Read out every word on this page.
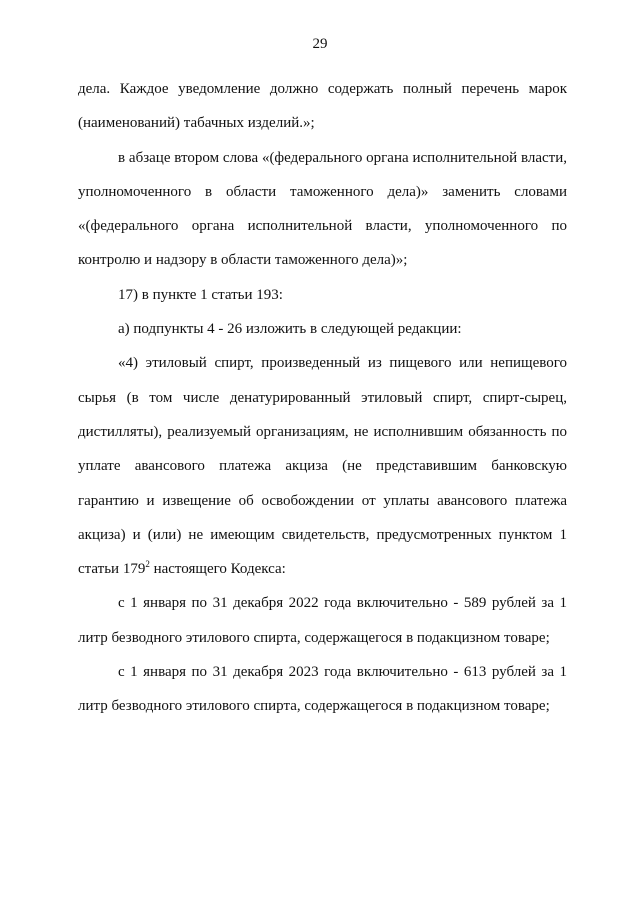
29

дела. Каждое уведомление должно содержать полный перечень марок (наименований) табачных изделий.»;

в абзаце втором слова «(федерального органа исполнительной власти, уполномоченного в области таможенного дела)» заменить словами «(федерального органа исполнительной власти, уполномоченного по контролю и надзору в области таможенного дела)»;

17) в пункте 1 статьи 193:

а) подпункты 4 - 26 изложить в следующей редакции:

«4) этиловый спирт, произведенный из пищевого или непищевого сырья (в том числе денатурированный этиловый спирт, спирт-сырец, дистилляты), реализуемый организациям, не исполнившим обязанность по уплате авансового платежа акциза (не представившим банковскую гарантию и извещение об освобождении от уплаты авансового платежа акциза) и (или) не имеющим свидетельств, предусмотренных пунктом 1 статьи $179^2$ настоящего Кодекса:

с 1 января по 31 декабря 2022 года включительно - 589 рублей за 1 литр безводного этилового спирта, содержащегося в подакцизном товаре;

с 1 января по 31 декабря 2023 года включительно - 613 рублей за 1 литр безводного этилового спирта, содержащегося в подакцизном товаре;
